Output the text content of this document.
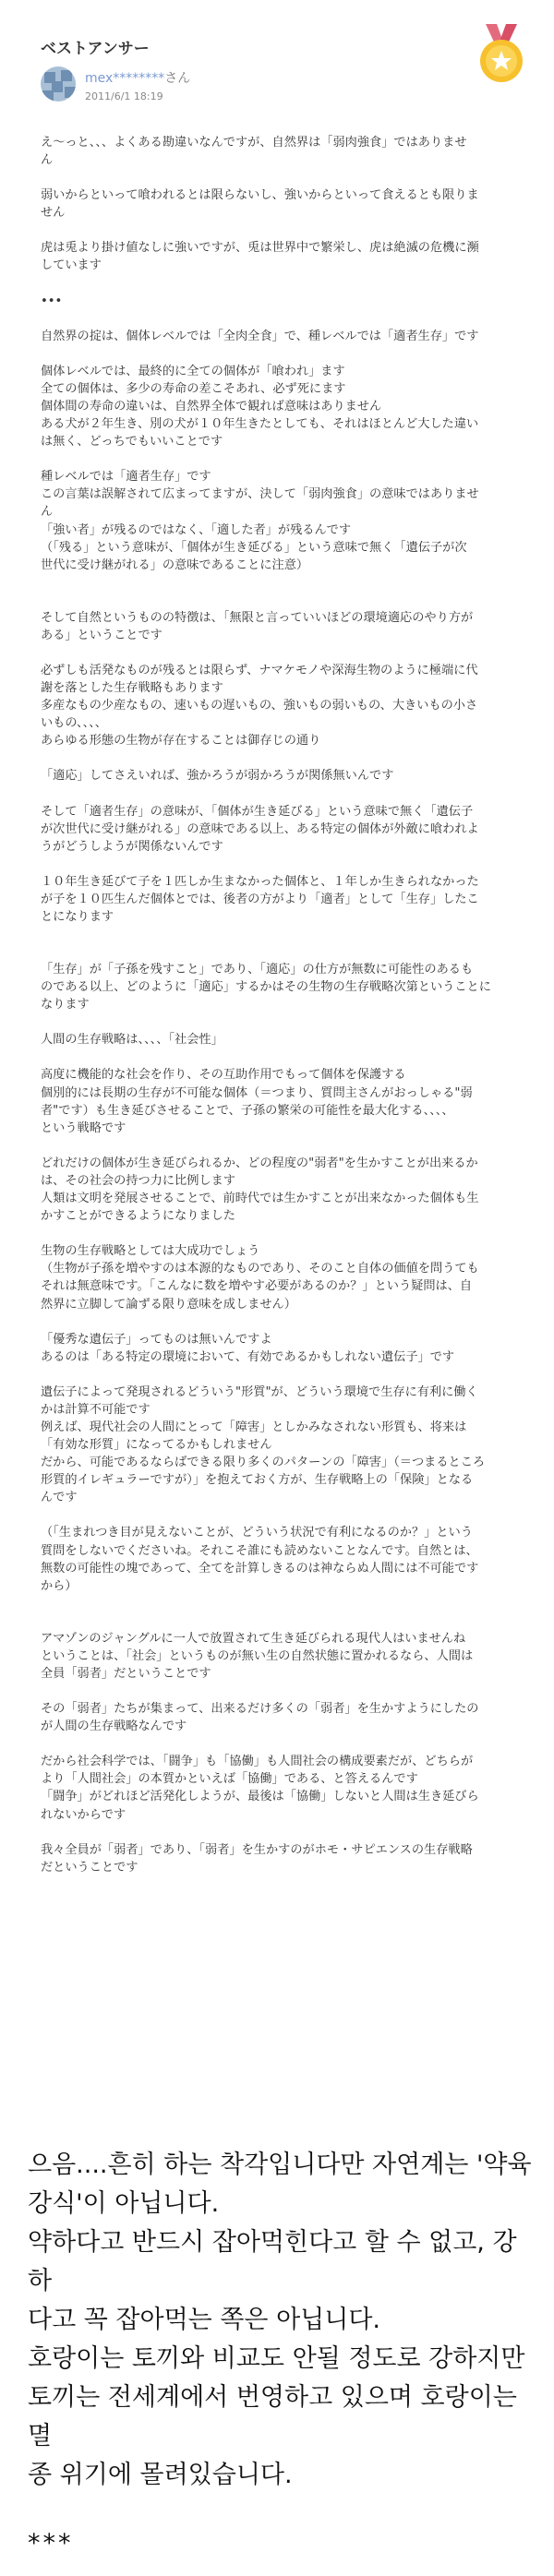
ベストアンサー
mex********さん
2011/6/1 18:19

え～っと、、、よくある勘違いなんですが、自然界は「弱肉強食」ではありませ
ん

弱いからといって喰われるとは限らないし、強いからといって食えるとも限りま
せん

虎は兎より掛け値なしに強いですが、兎は世界中で繁栄し、虎は絶滅の危機に瀕
しています

•••

自然界の掟は、個体レベルでは「全肉全食」で、種レベルでは「適者生存」です

個体レベルでは、最終的に全ての個体が「喰われ」ます
全ての個体は、多少の寿命の差こそあれ、必ず死にます
個体間の寿命の違いは、自然界全体で観れば意味はありません
ある犬が２年生き、別の犬が１０年生きたとしても、それはほとんど大した違い
は無く、どっちでもいいことです

種レベルでは「適者生存」です
この言葉は誤解されて広まってますが、決して「弱肉強食」の意味ではありませ
ん
「強い者」が残るのではなく、「適した者」が残るんです
（「残る」という意味が、「個体が生き延びる」という意味で無く「遺伝子が次
世代に受け継がれる」の意味であることに注意）

そして自然というものの特徴は、「無限と言っていいほどの環境適応のやり方が
ある」ということです

必ずしも活発なものが残るとは限らず、ナマケモノや深海生物のように極端に代
謝を落とした生存戦略もあります
多産なもの少産なもの、速いもの遅いもの、強いもの弱いもの、大きいもの小さ
いもの、、、、
あらゆる形態の生物が存在することは御存じの通り

「適応」してさえいれば、強かろうが弱かろうが関係無いんです

そして「適者生存」の意味が、「個体が生き延びる」という意味で無く「遺伝子
が次世代に受け継がれる」の意味である以上、ある特定の個体が外敵に喰われよ
うがどうしようが関係ないんです

１０年生き延びて子を１匹しか生まなかった個体と、１年しか生きられなかった
が子を１０匹生んだ個体とでは、後者の方がより「適者」として「生存」したこ
とになります

「生存」が「子孫を残すこと」であり、「適応」の仕方が無数に可能性のあるも
のである以上、どのように「適応」するかはその生物の生存戦略次第ということに
なります

人間の生存戦略は、、、、「社会性」

高度に機能的な社会を作り、その互助作用でもって個体を保護する
個別的には長期の生存が不可能な個体（＝つまり、質問主さんがおっしゃる"弱
者"です）も生き延びさせることで、子孫の繁栄の可能性を最大化する、、、、
という戦略です

どれだけの個体が生き延びられるか、どの程度の"弱者"を生かすことが出来るか
は、その社会の持つ力に比例します
人類は文明を発展させることで、前時代では生かすことが出来なかった個体も生
かすことができるようになりました

生物の生存戦略としては大成功でしょう
（生物が子孫を増やすのは本源的なものであり、そのこと自体の価値を問うても
それは無意味です。「こんなに数を増やす必要があるのか？」という疑問は、自
然界に立脚して論ずる限り意味を成しません）

「優秀な遺伝子」ってものは無いんですよ
あるのは「ある特定の環境において、有効であるかもしれない遺伝子」です

遺伝子によって発現されるどういう"形質"が、どういう環境で生存に有利に働く
かは計算不可能です
例えば、現代社会の人間にとって「障害」としかみなされない形質も、将来は
「有効な形質」になってるかもしれません
だから、可能であるならばできる限り多くのパターンの「障害」（＝つまるところ
形質的イレギュラーですが）」を抱えておく方が、生存戦略上の「保険」となる
んです

（「生まれつき目が見えないことが、どういう状況で有利になるのか？」という
質問をしないでくださいね。それこそ誰にも読めないことなんです。自然とは、
無数の可能性の塊であって、全てを計算しきるのは神ならぬ人間には不可能です
から）

アマゾンのジャングルに一人で放置されて生き延びられる現代人はいませんね
ということは、「社会」というものが無い生の自然状態に置かれるなら、人間は
全員「弱者」だということです

その「弱者」たちが集まって、出来るだけ多くの「弱者」を生かすようにしたの
が人間の生存戦略なんです

だから社会科学では、「闘争」も「協働」も人間社会の構成要素だが、どちらが
より「人間社会」の本質かといえば「協働」である、と答えるんです
「闘争」がどれほど活発化しようが、最後は「協働」しないと人間は生き延びら
れないからです

我々全員が「弱者」であり、「弱者」を生かすのがホモ・サピエンスの生存戦略
だということです

으음....흔히 하는 착각입니다만 자연계는 '약육
강식'이 아닙니다.
약하다고 반드시 잡아먹힌다고 할 수 없고, 강하
다고 꼭 잡아먹는 쪽은 아닙니다.
호랑이는 토끼와 비교도 안될 정도로 강하지만
토끼는 전세계에서 번영하고 있으며 호랑이는 멸
종 위기에 몰려있습니다.

***
